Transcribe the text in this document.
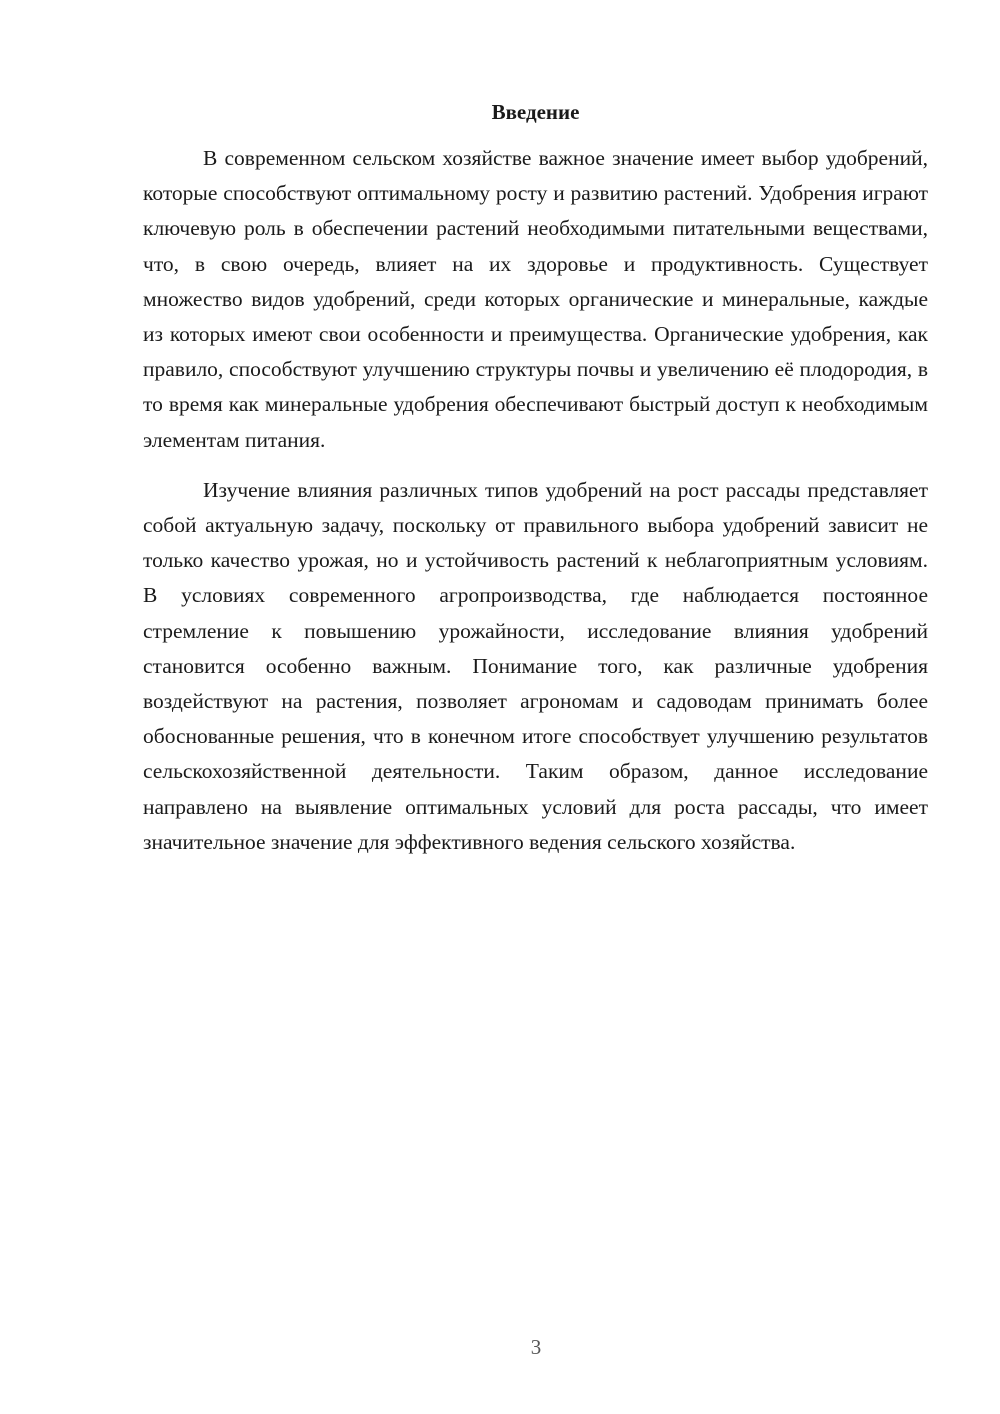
Введение

В современном сельском хозяйстве важное значение имеет выбор удобрений, которые способствуют оптимальному росту и развитию растений. Удобрения играют ключевую роль в обеспечении растений необходимыми питательными веществами, что, в свою очередь, влияет на их здоровье и продуктивность. Существует множество видов удобрений, среди которых органические и минеральные, каждые из которых имеют свои особенности и преимущества. Органические удобрения, как правило, способствуют улучшению структуры почвы и увеличению её плодородия, в то время как минеральные удобрения обеспечивают быстрый доступ к необходимым элементам питания.

Изучение влияния различных типов удобрений на рост рассады представляет собой актуальную задачу, поскольку от правильного выбора удобрений зависит не только качество урожая, но и устойчивость растений к неблагоприятным условиям. В условиях современного агропроизводства, где наблюдается постоянное стремление к повышению урожайности, исследование влияния удобрений становится особенно важным. Понимание того, как различные удобрения воздействуют на растения, позволяет агрономам и садоводам принимать более обоснованные решения, что в конечном итоге способствует улучшению результатов сельскохозяйственной деятельности. Таким образом, данное исследование направлено на выявление оптимальных условий для роста рассады, что имеет значительное значение для эффективного ведения сельского хозяйства.

3
